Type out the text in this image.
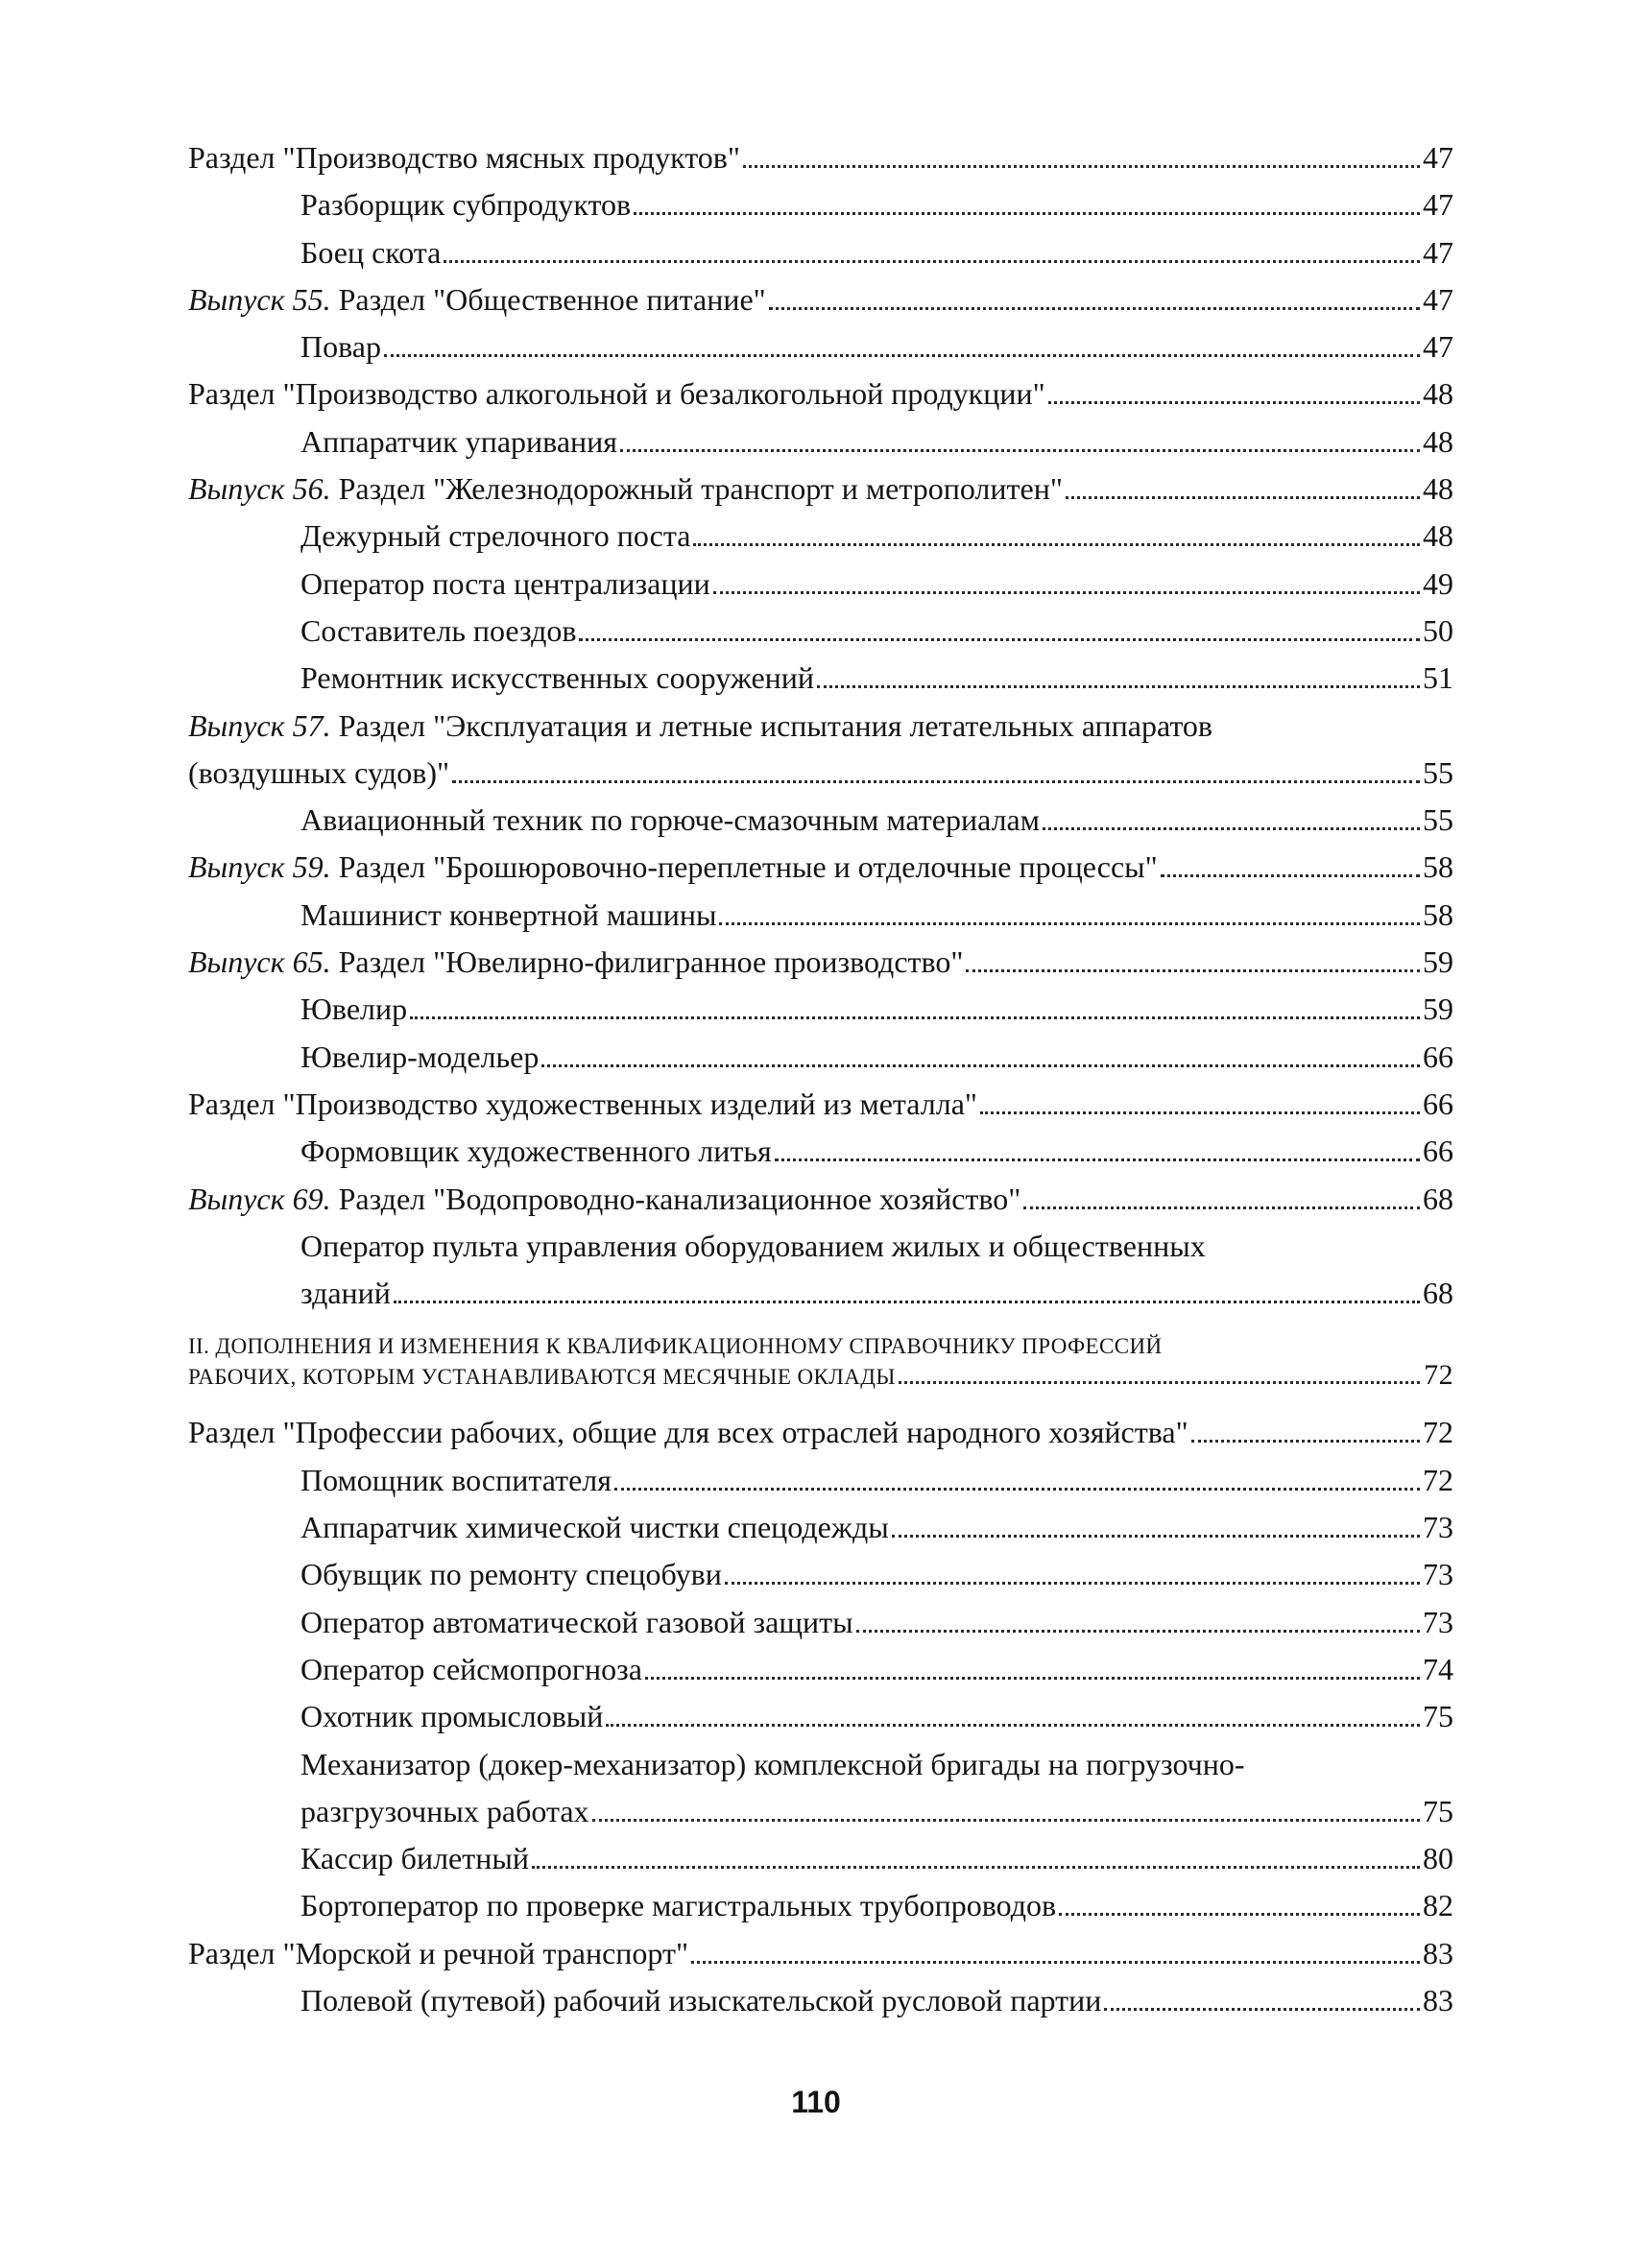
Раздел "Производство мясных продуктов"	47
Разборщик субпродуктов	47
Боец скота	47
Выпуск 55. Раздел "Общественное питание"	47
Повар	47
Раздел "Производство алкогольной и безалкогольной продукции"	48
Аппаратчик упаривания	48
Выпуск 56. Раздел "Железнодорожный транспорт и метрополитен"	48
Дежурный стрелочного поста	48
Оператор поста централизации	49
Составитель поездов	50
Ремонтник искусственных сооружений	51
Выпуск 57. Раздел "Эксплуатация и летные испытания летательных аппаратов
(воздушных судов)"	55
Авиационный техник по горюче-смазочным материалам	55
Выпуск 59. Раздел "Брошюровочно-переплетные и отделочные процессы"	58
Машинист конвертной машины	58
Выпуск 65. Раздел "Ювелирно-филигранное производство"	59
Ювелир	59
Ювелир-модельер	66
Раздел "Производство художественных изделий из металла"	66
Формовщик художественного литья	66
Выпуск 69. Раздел "Водопроводно-канализационное хозяйство"	68
Оператор пульта управления оборудованием жилых и общественных
зданий	68
II. ДОПОЛНЕНИЯ И ИЗМЕНЕНИЯ К КВАЛИФИКАЦИОННОМУ СПРАВОЧНИКУ ПРОФЕССИЙ
РАБОЧИХ, КОТОРЫМ УСТАНАВЛИВАЮТСЯ МЕСЯЧНЫЕ ОКЛАДЫ	72
Раздел "Профессии рабочих, общие для всех отраслей народного хозяйства"	72
Помощник воспитателя	72
Аппаратчик химической чистки спецодежды	73
Обувщик по ремонту спецобуви	73
Оператор автоматической газовой защиты	73
Оператор сейсмопрогноза	74
Охотник промысловый	75
Механизатор (докер-механизатор) комплексной бригады на погрузочно-
разгрузочных работах	75
Кассир билетный	80
Бортоператор по проверке магистральных трубопроводов	82
Раздел "Морской и речной транспорт"	83
Полевой (путевой) рабочий изыскательской русловой партии	83
110
